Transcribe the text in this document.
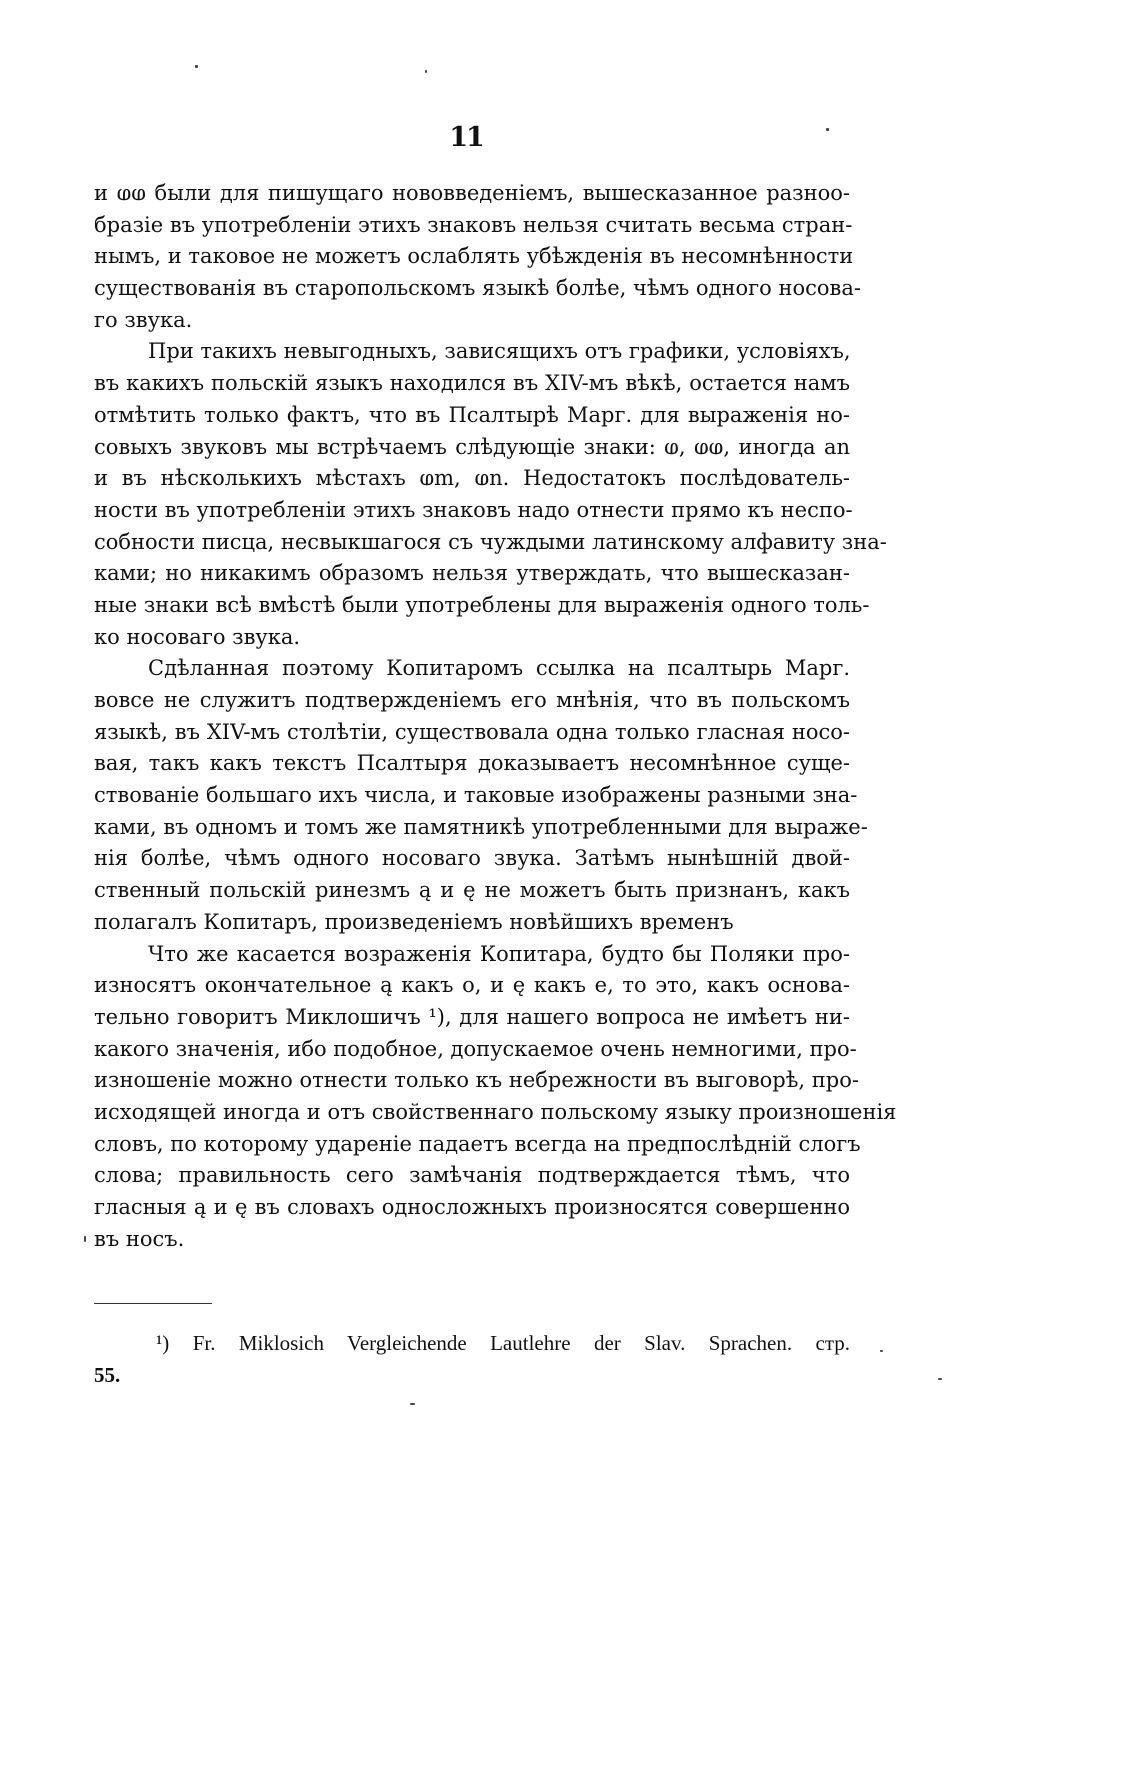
11
и ⱷⱷ были для пишущаго нововведеніемъ, вышесказанное разноо-
бразіе въ употребленіи этихъ знаковъ нельзя считать весьма стран-
нымъ, и таковое не можетъ ослаблять убѣжденія въ несомнѣнности
существованія въ старопольскомъ языкѣ болѣе, чѣмъ одного носова-
го звука.
При такихъ невыгодныхъ, зависящихъ отъ графики, условіяхъ,
въ какихъ польскій языкъ находился въ XIV-мъ вѣкѣ, остается намъ
отмѣтить только фактъ, что въ Псалтырѣ Марг. для выраженія но-
совыхъ звуковъ мы встрѣчаемъ слѣдующіе знаки: ⱷ, ⱷⱷ, иногда an
и въ нѣсколькихъ мѣстахъ ⱷm, ⱷn. Недостатокъ послѣдователь-
ности въ употребленіи этихъ знаковъ надо отнести прямо къ неспо-
собности писца, несвыкшагося съ чуждыми латинскому алфавиту зна-
ками; но никакимъ образомъ нельзя утверждать, что вышесказан-
ные знаки всѣ вмѣстѣ были употреблены для выраженія одного толь-
ко носоваго звука.
Сдѣланная поэтому Копитаромъ ссылка на псалтырь Марг.
вовсе не служитъ подтвержденіемъ его мнѣнія, что въ польскомъ
языкѣ, въ XIV-мъ столѣтіи, существовала одна только гласная носо-
вая, такъ какъ текстъ Псалтыря доказываетъ несомнѣнное суще-
ствованіе большаго ихъ числа, и таковые изображены разными зна-
ками, въ одномъ и томъ же памятникѣ употребленными для выраже-
нія болѣе, чѣмъ одного носоваго звука. Затѣмъ нынѣшній двой-
ственный польскій ринезмъ ą и ę не можетъ быть признанъ, какъ
полагалъ Копитаръ, произведеніемъ новѣйшихъ временъ
Что же касается возраженія Копитара, будто бы Поляки про-
износятъ окончательное ą какъ о, и ę какъ е, то это, какъ основа-
тельно говоритъ Миклошичъ ¹), для нашего вопроса не имѣетъ ни-
какого значенія, ибо подобное, допускаемое очень немногими, про-
изношеніе можно отнести только къ небрежности въ выговорѣ, про-
исходящей иногда и отъ свойственнаго польскому языку произношенія
словъ, по которому удареніе падаетъ всегда на предпослѣдній слогъ
слова; правильность сего замѣчанія подтверждается тѣмъ, что
гласныя ą и ę въ словахъ односложныхъ произносятся совершенно
въ носъ.
¹) Fr. Miklosich Vergleichende Lautlehre der Slav. Sprachen. стр.
55.
